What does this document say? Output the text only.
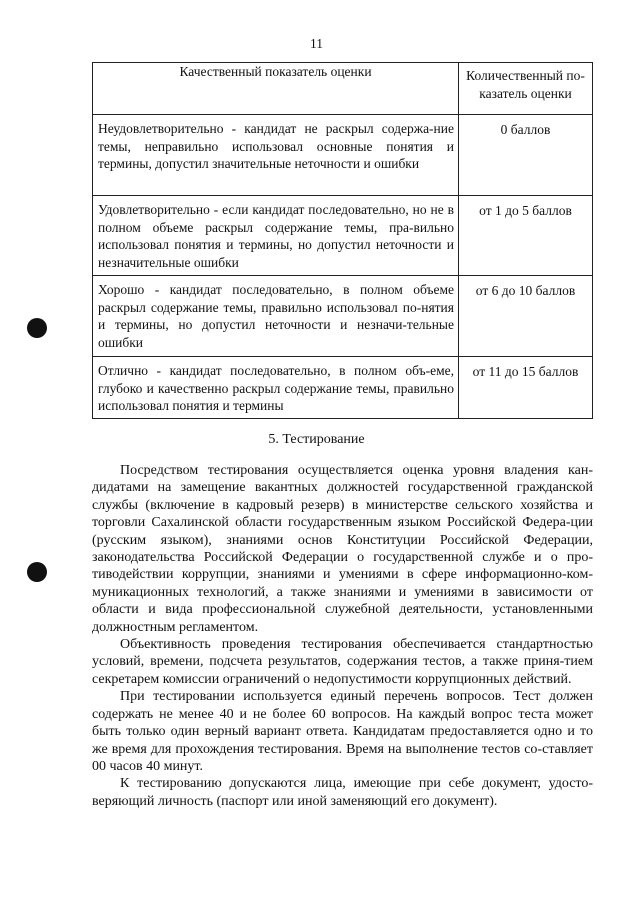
11
Качественный показатель оценки	Количественный по-казатель оценки
Неудовлетворительно - кандидат не раскрыл содержа-ние темы, неправильно использовал основные понятия и термины, допустил значительные неточности и ошибки	0 баллов
Удовлетворительно - если кандидат последовательно, но не в полном объеме раскрыл содержание темы, пра-вильно использовал понятия и термины, но допустил неточности и незначительные ошибки	от 1 до 5 баллов
Хорошо - кандидат последовательно, в полном объеме раскрыл содержание темы, правильно использовал по-нятия и термины, но допустил неточности и незначи-тельные ошибки	от 6 до 10 баллов
Отлично - кандидат последовательно, в полном объ-еме, глубоко и качественно раскрыл содержание темы, правильно использовал понятия и термины	от 11 до 15 баллов
5. Тестирование

Посредством тестирования осуществляется оценка уровня владения кан-дидатами на замещение вакантных должностей государственной гражданской службы (включение в кадровый резерв) в министерстве сельского хозяйства и торговли Сахалинской области государственным языком Российской Федера-ции (русским языком), знаниями основ Конституции Российской Федерации, законодательства Российской Федерации о государственной службе и о про-тиводействии коррупции, знаниями и умениями в сфере информационно-ком-муникационных технологий, а также знаниями и умениями в зависимости от области и вида профессиональной служебной деятельности, установленными должностным регламентом.

Объективность проведения тестирования обеспечивается стандартностью условий, времени, подсчета результатов, содержания тестов, а также приня-тием секретарем комиссии ограничений о недопустимости коррупционных действий.

При тестировании используется единый перечень вопросов. Тест должен содержать не менее 40 и не более 60 вопросов. На каждый вопрос теста может быть только один верный вариант ответа. Кандидатам предоставляется одно и то же время для прохождения тестирования. Время на выполнение тестов со-ставляет 00 часов 40 минут.

К тестированию допускаются лица, имеющие при себе документ, удосто-веряющий личность (паспорт или иной заменяющий его документ).
